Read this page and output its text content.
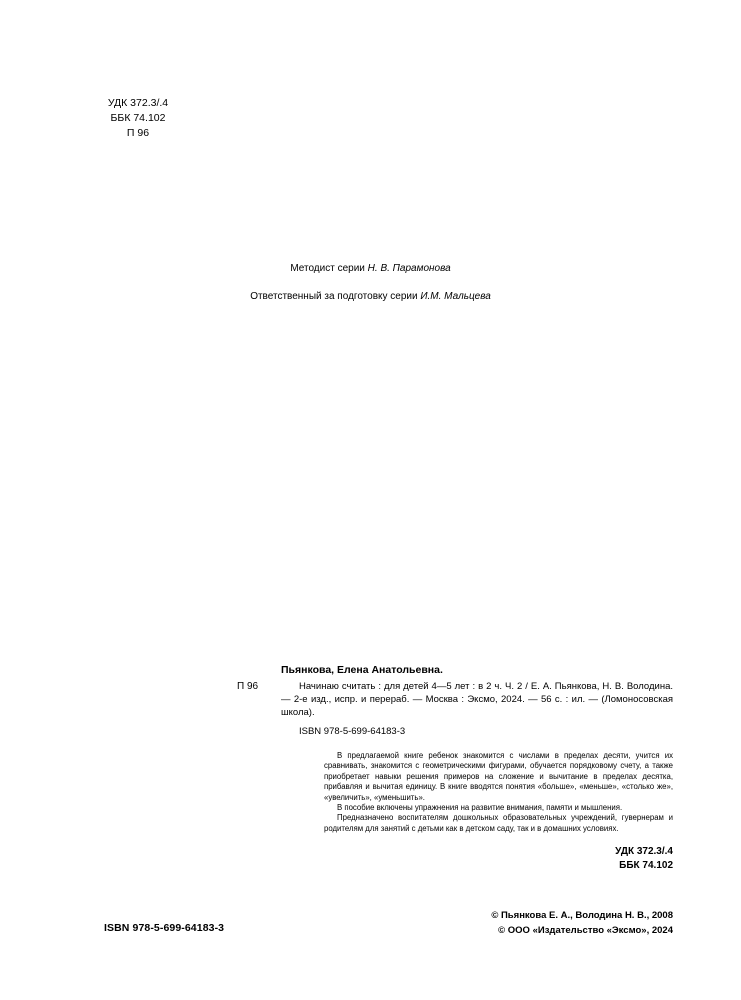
УДК 372.3/.4
ББК 74.102
П 96
Методист серии Н. В. Парамонова
Ответственный за подготовку серии И.М. Мальцева
Пьянкова, Елена Анатольевна.
П 96	Начинаю считать : для детей 4—5 лет : в 2 ч. Ч. 2 / Е. А. Пьянкова, Н. В. Володина. — 2-е изд., испр. и перераб. — Москва : Эксмо, 2024. — 56 с. : ил. — (Ломоносовская школа).
ISBN 978-5-699-64183-3

В предлагаемой книге ребенок знакомится с числами в пределах десяти, учится их сравнивать, знакомится с геометрическими фигурами, обучается порядковому счету, а также приобретает навыки решения примеров на сложение и вычитание в пределах десятка, прибавляя и вычитая единицу. В книге вводятся понятия «больше», «меньше», «столько же», «увеличить», «уменьшить».

В пособие включены упражнения на развитие внимания, памяти и мышления.

Предназначено воспитателям дошкольных образовательных учреждений, гувернерам и родителям для занятий с детьми как в детском саду, так и в домашних условиях.

УДК 372.3/.4
ББК 74.102
ISBN 978-5-699-64183-3
© Пьянкова Е. А., Володина Н. В., 2008
© ООО «Издательство «Эксмо», 2024
